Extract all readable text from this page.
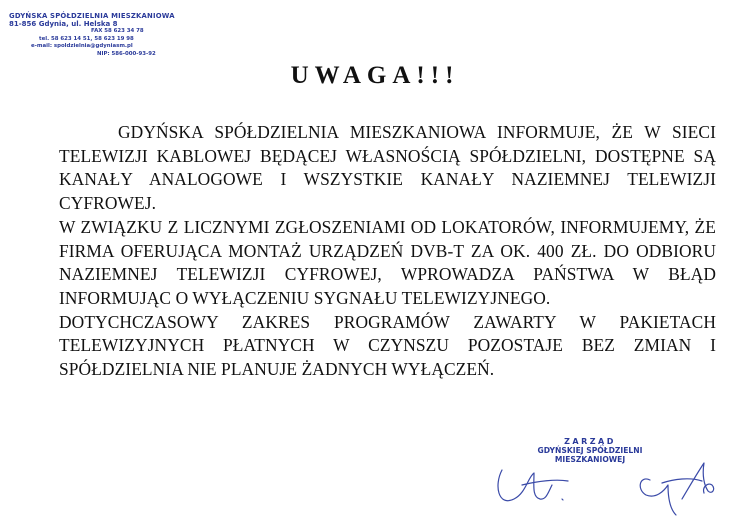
GDYŃSKA SPÓŁDZIELNIA MIESZKANIOWA
81-856 Gdynia, ul. Helska 8
FAX 58 623 34 78
tel. 58 623 14 51, 58 623 19 98
e-mail: spoldzielnia@gdyniasm.pl
NIP: 586-000-93-92
UWAGA!!!

GDYŃSKA SPÓŁDZIELNIA MIESZKANIOWA INFORMUJE, ŻE W SIECI TELEWIZJI KABLOWEJ BĘDĄCEJ WŁASNOŚCIĄ SPÓŁDZIELNI, DOSTĘPNE SĄ KANAŁY ANALOGOWE I WSZYSTKIE KANAŁY NAZIEMNEJ TELEWIZJI CYFROWEJ.

W ZWIĄZKU Z LICZNYMI ZGŁOSZENIAMI OD LOKATORÓW, INFORMUJEMY, ŻE FIRMA OFERUJĄCA MONTAŻ URZĄDZEŃ DVB-T ZA OK. 400 ZŁ. DO ODBIORU NAZIEMNEJ TELEWIZJI CYFROWEJ, WPROWADZA PAŃSTWA W BŁĄD INFORMUJĄC O WYŁĄCZENIU SYGNAŁU TELEWIZYJNEGO.

DOTYCHCZASOWY ZAKRES PROGRAMÓW ZAWARTY W PAKIETACH TELEWIZYJNYCH PŁATNYCH W CZYNSZU POZOSTAJE BEZ ZMIAN I SPÓŁDZIELNIA NIE PLANUJE ŻADNYCH WYŁĄCZEŃ.

ZARZĄD
GDYŃSKIEJ SPÓŁDZIELNI
MIESZKANIOWEJ
